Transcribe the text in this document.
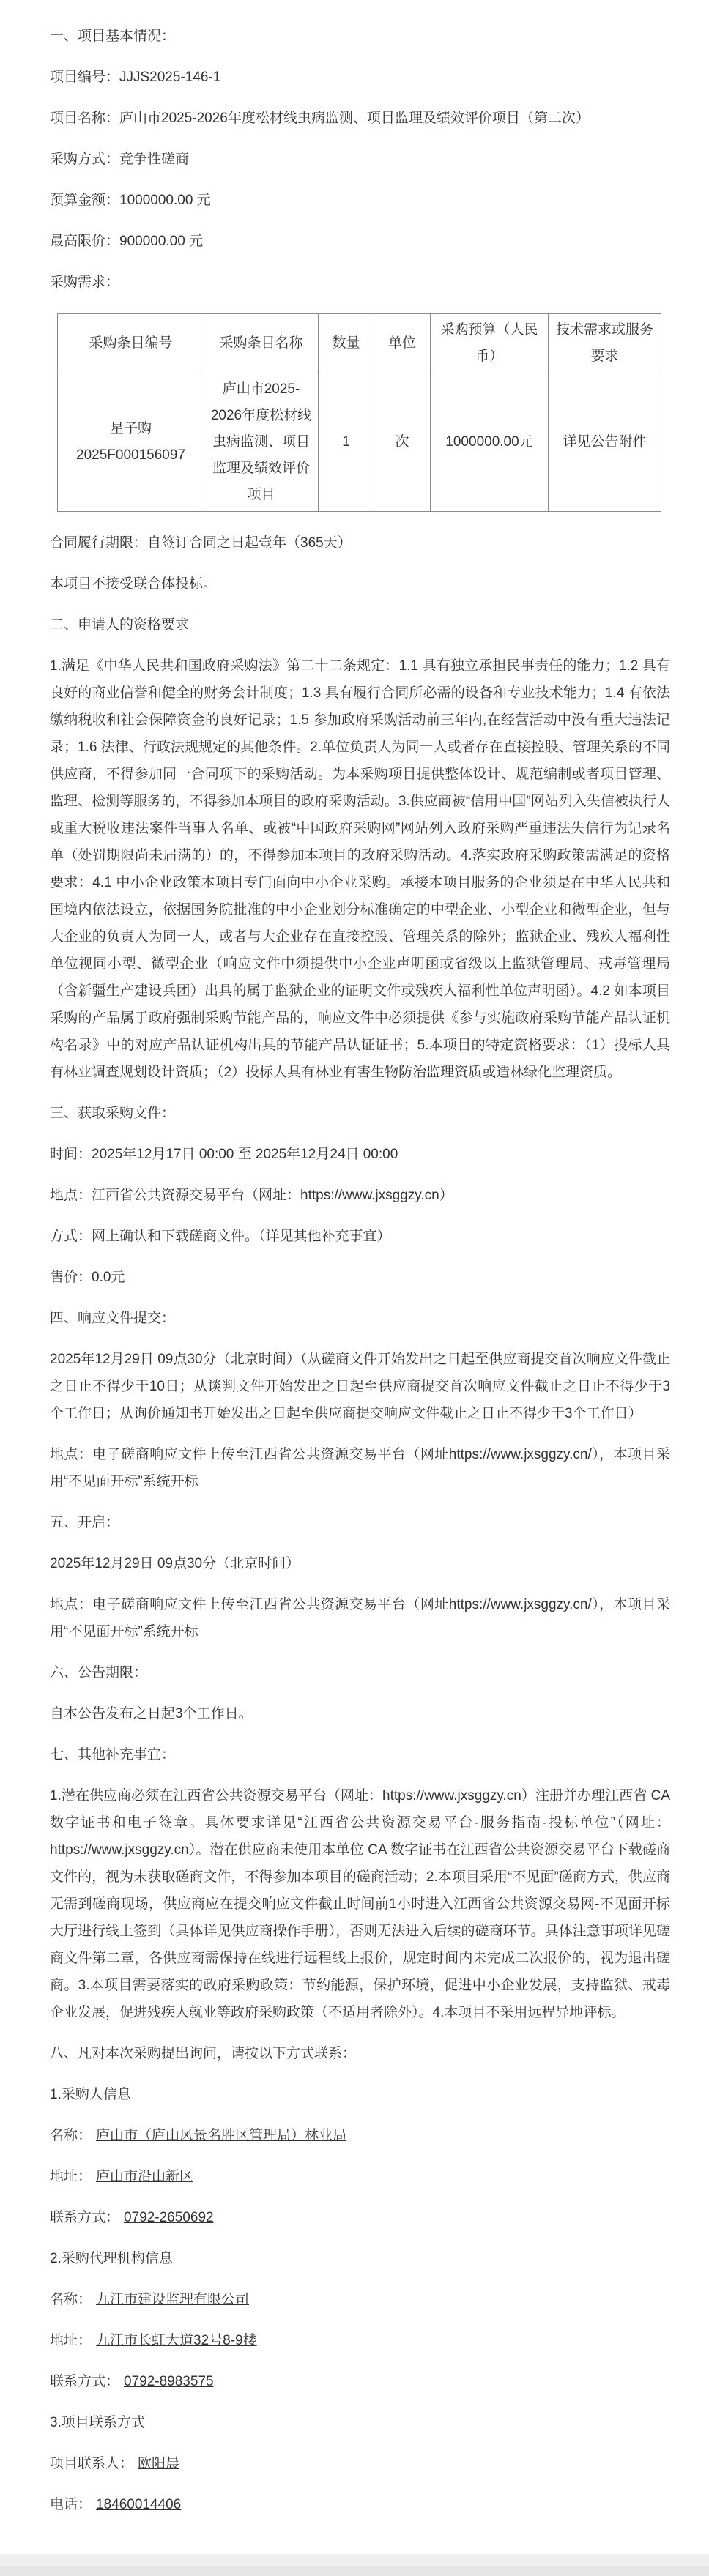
一、项目基本情况：

项目编号：JJJS2025-146-1

项目名称：庐山市2025-2026年度松材线虫病监测、项目监理及绩效评价项目（第二次）

采购方式：竞争性磋商

预算金额：1000000.00 元

最高限价：900000.00 元

采购需求：

采购条目编号	采购条目名称	数量	单位	采购预算（人民币）	技术需求或服务要求
星子购2025F000156097	庐山市2025-2026年度松材线虫病监测、项目监理及绩效评价项目	1	次	1000000.00元	详见公告附件

合同履行期限：自签订合同之日起壹年（365天）

本项目不接受联合体投标。

二、申请人的资格要求

1.满足《中华人民共和国政府采购法》第二十二条规定：1.1 具有独立承担民事责任的能力；1.2 具有良好的商业信誉和健全的财务会计制度；1.3 具有履行合同所必需的设备和专业技术能力；1.4 有依法缴纳税收和社会保障资金的良好记录；1.5 参加政府采购活动前三年内,在经营活动中没有重大违法记录；1.6 法律、行政法规规定的其他条件。2.单位负责人为同一人或者存在直接控股、管理关系的不同供应商，不得参加同一合同项下的采购活动。为本采购项目提供整体设计、规范编制或者项目管理、监理、检测等服务的，不得参加本项目的政府采购活动。3.供应商被“信用中国”网站列入失信被执行人或重大税收违法案件当事人名单、或被“中国政府采购网”网站列入政府采购严重违法失信行为记录名单（处罚期限尚未届满的）的，不得参加本项目的政府采购活动。4.落实政府采购政策需满足的资格要求：4.1 中小企业政策本项目专门面向中小企业采购。承接本项目服务的企业须是在中华人民共和国境内依法设立，依据国务院批准的中小企业划分标准确定的中型企业、小型企业和微型企业，但与大企业的负责人为同一人，或者与大企业存在直接控股、管理关系的除外；监狱企业、残疾人福利性单位视同小型、微型企业（响应文件中须提供中小企业声明函或省级以上监狱管理局、戒毒管理局（含新疆生产建设兵团）出具的属于监狱企业的证明文件或残疾人福利性单位声明函）。4.2 如本项目采购的产品属于政府强制采购节能产品的，响应文件中必须提供《参与实施政府采购节能产品认证机构名录》中的对应产品认证机构出具的节能产品认证证书；5.本项目的特定资格要求：（1）投标人具有林业调查规划设计资质；（2）投标人具有林业有害生物防治监理资质或造林绿化监理资质。

三、获取采购文件：

时间：2025年12月17日 00:00 至 2025年12月24日 00:00

地点：江西省公共资源交易平台（网址：https://www.jxsggzy.cn）

方式：网上确认和下载磋商文件。（详见其他补充事宜）

售价：0.0元

四、响应文件提交：

2025年12月29日 09点30分（北京时间）（从磋商文件开始发出之日起至供应商提交首次响应文件截止之日止不得少于10日；从谈判文件开始发出之日起至供应商提交首次响应文件截止之日止不得少于3个工作日；从询价通知书开始发出之日起至供应商提交响应文件截止之日止不得少于3个工作日）

地点：电子磋商响应文件上传至江西省公共资源交易平台（网址https://www.jxsggzy.cn/），本项目采用“不见面开标”系统开标

五、开启：

2025年12月29日 09点30分（北京时间）

地点：电子磋商响应文件上传至江西省公共资源交易平台（网址https://www.jxsggzy.cn/），本项目采用“不见面开标”系统开标

六、公告期限：

自本公告发布之日起3个工作日。

七、其他补充事宜：

1.潜在供应商必须在江西省公共资源交易平台（网址：https://www.jxsggzy.cn）注册并办理江西省 CA 数字证书和电子签章。具体要求详见“江西省公共资源交易平台-服务指南-投标单位”（网址：https://www.jxsggzy.cn）。潜在供应商未使用本单位 CA 数字证书在江西省公共资源交易平台下载磋商文件的，视为未获取磋商文件，不得参加本项目的磋商活动；2.本项目采用“不见面”磋商方式，供应商无需到磋商现场，供应商应在提交响应文件截止时间前1小时进入江西省公共资源交易网-不见面开标大厅进行线上签到（具体详见供应商操作手册），否则无法进入后续的磋商环节。具体注意事项详见磋商文件第二章，各供应商需保持在线进行远程线上报价，规定时间内未完成二次报价的，视为退出磋商。3.本项目需要落实的政府采购政策：节约能源，保护环境，促进中小企业发展，支持监狱、戒毒企业发展，促进残疾人就业等政府采购政策（不适用者除外）。4.本项目不采用远程异地评标。

八、凡对本次采购提出询问，请按以下方式联系：

1.采购人信息

名称： 庐山市（庐山风景名胜区管理局）林业局

地址： 庐山市沿山新区

联系方式： 0792-2650692

2.采购代理机构信息

名称： 九江市建设监理有限公司

地址： 九江市长虹大道32号8-9楼

联系方式： 0792-8983575

3.项目联系方式

项目联系人： 欧阳晨

电话： 18460014406
